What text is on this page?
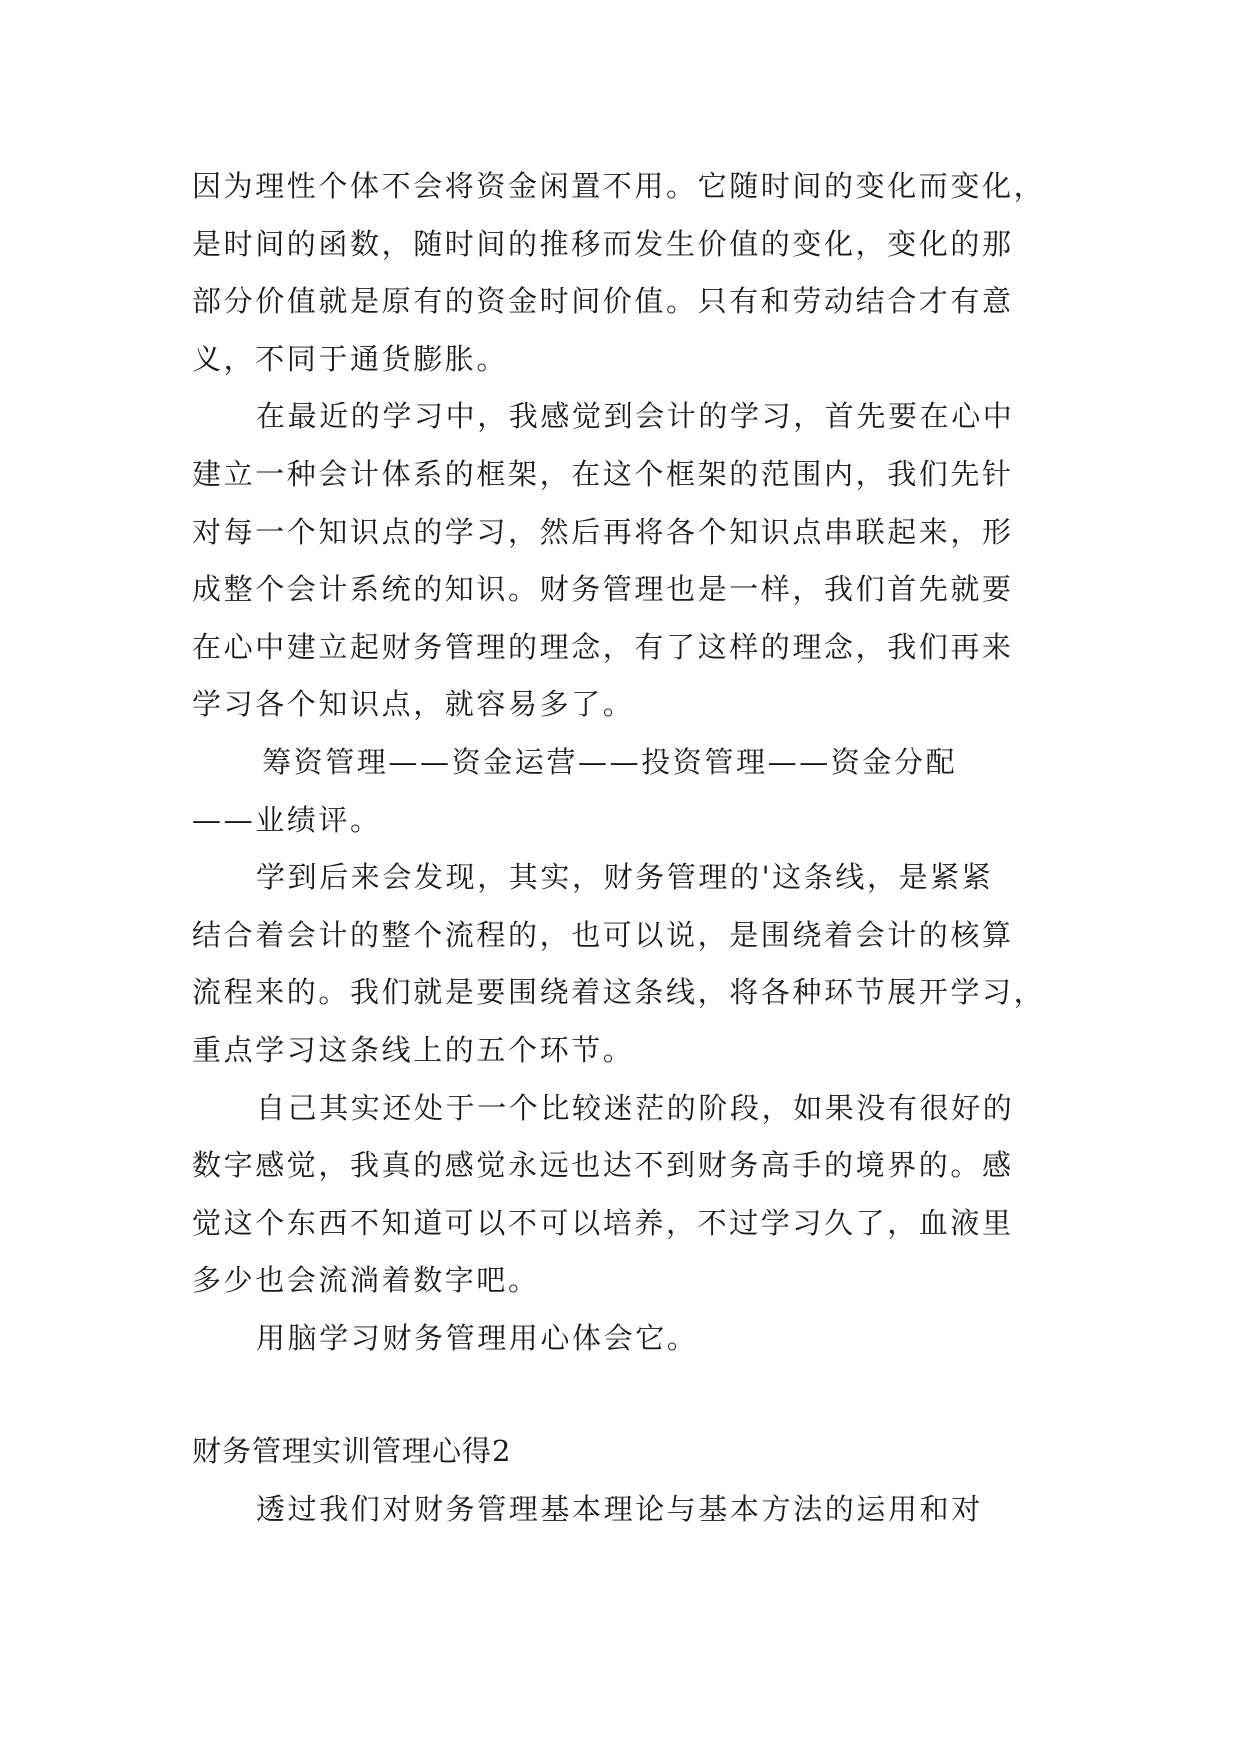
因为理性个体不会将资金闲置不用。它随时间的变化而变化，
是时间的函数，随时间的推移而发生价值的变化，变化的那
部分价值就是原有的资金时间价值。只有和劳动结合才有意
义，不同于通货膨胀。
在最近的学习中，我感觉到会计的学习，首先要在心中
建立一种会计体系的框架，在这个框架的范围内，我们先针
对每一个知识点的学习，然后再将各个知识点串联起来，形
成整个会计系统的知识。财务管理也是一样，我们首先就要
在心中建立起财务管理的理念，有了这样的理念，我们再来
学习各个知识点，就容易多了。
筹资管理——资金运营——投资管理——资金分配
——业绩评。
学到后来会发现，其实，财务管理的'这条线，是紧紧
结合着会计的整个流程的，也可以说，是围绕着会计的核算
流程来的。我们就是要围绕着这条线，将各种环节展开学习，
重点学习这条线上的五个环节。
自己其实还处于一个比较迷茫的阶段，如果没有很好的
数字感觉，我真的感觉永远也达不到财务高手的境界的。感
觉这个东西不知道可以不可以培养，不过学习久了，血液里
多少也会流淌着数字吧。
用脑学习财务管理用心体会它。
财务管理实训管理心得2
透过我们对财务管理基本理论与基本方法的运用和对
